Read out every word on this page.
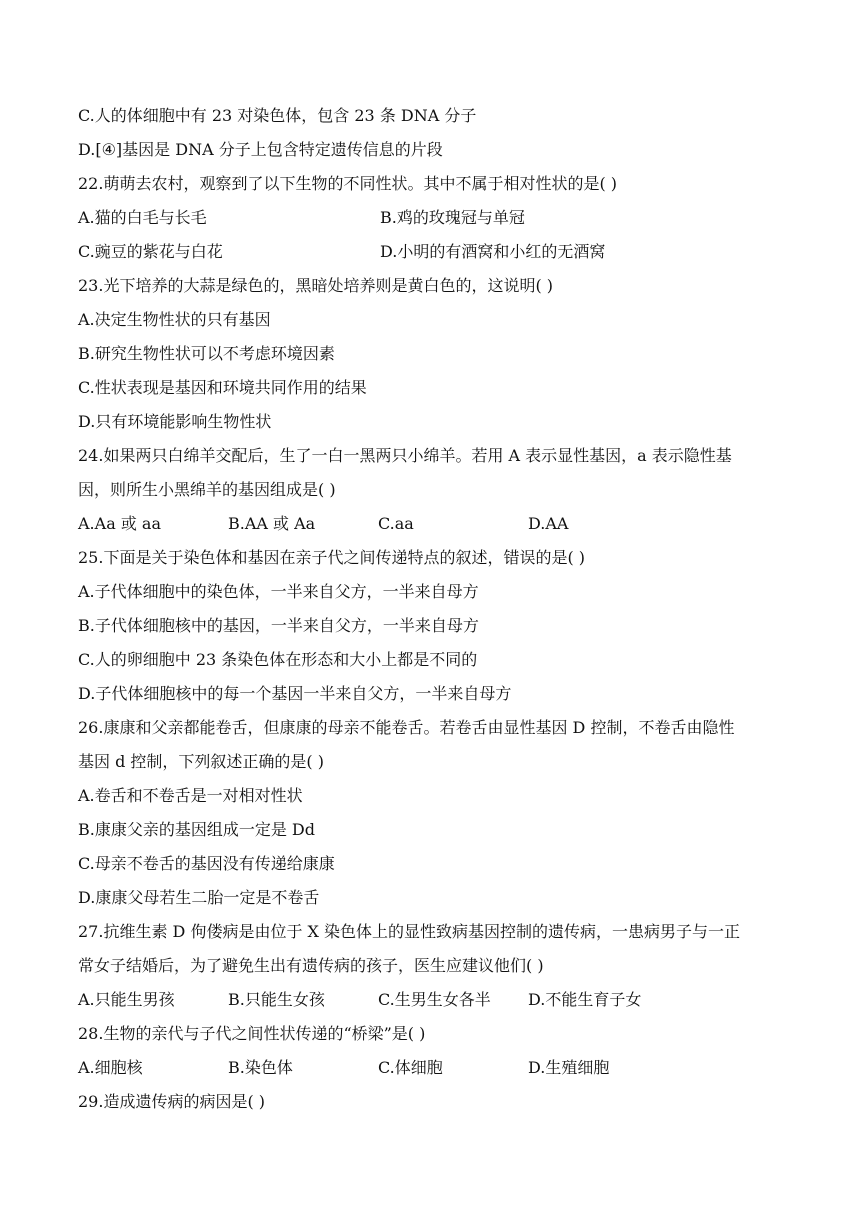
C.人的体细胞中有 23 对染色体，包含 23 条 DNA 分子
D.[④]基因是 DNA 分子上包含特定遗传信息的片段
22.萌萌去农村，观察到了以下生物的不同性状。其中不属于相对性状的是( )
A.猫的白毛与长毛	B.鸡的玫瑰冠与单冠
C.豌豆的紫花与白花	D.小明的有酒窝和小红的无酒窝
23.光下培养的大蒜是绿色的，黑暗处培养则是黄白色的，这说明( )
A.决定生物性状的只有基因
B.研究生物性状可以不考虑环境因素
C.性状表现是基因和环境共同作用的结果
D.只有环境能影响生物性状
24.如果两只白绵羊交配后，生了一白一黑两只小绵羊。若用 A 表示显性基因，a 表示隐性基
因，则所生小黑绵羊的基因组成是( )
A.Aa 或 aa	B.AA 或 Aa	C.aa	D.AA
25.下面是关于染色体和基因在亲子代之间传递特点的叙述，错误的是( )
A.子代体细胞中的染色体，一半来自父方，一半来自母方
B.子代体细胞核中的基因，一半来自父方，一半来自母方
C.人的卵细胞中 23 条染色体在形态和大小上都是不同的
D.子代体细胞核中的每一个基因一半来自父方，一半来自母方
26.康康和父亲都能卷舌，但康康的母亲不能卷舌。若卷舌由显性基因 D 控制，不卷舌由隐性
基因 d 控制，下列叙述正确的是( )
A.卷舌和不卷舌是一对相对性状
B.康康父亲的基因组成一定是 Dd
C.母亲不卷舌的基因没有传递给康康
D.康康父母若生二胎一定是不卷舌
27.抗维生素 D 佝偻病是由位于 X 染色体上的显性致病基因控制的遗传病，一患病男子与一正
常女子结婚后，为了避免生出有遗传病的孩子，医生应建议他们( )
A.只能生男孩	B.只能生女孩	C.生男生女各半	D.不能生育子女
28.生物的亲代与子代之间性状传递的“桥梁”是( )
A.细胞核	B.染色体	C.体细胞	D.生殖细胞
29.造成遗传病的病因是( )
